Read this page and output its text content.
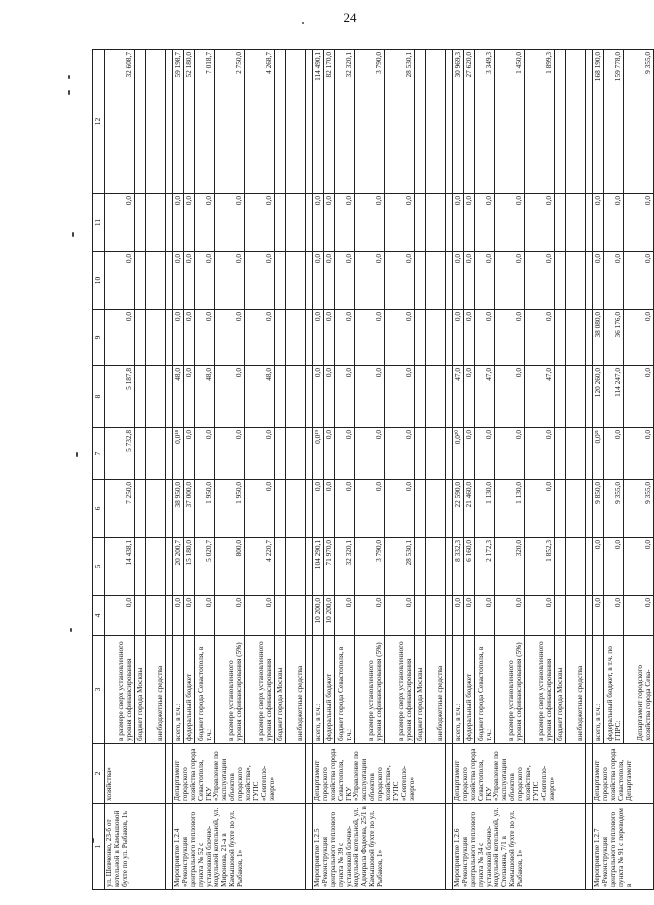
24
1	2	3	4	5	6	7	8	9	10	11	12
ул. Шевченко, 23-б от котельной в Камышовой бухте по ул. Рыбаков, 1ъ	хозяйства»	в размере сверх установленного уровня софинансирования	0,0	14 438,1	7 250,0	5 732,8	5 187,8	0,0	0,0	0,0	32 608,7
		бюджет города Москвы									
		внебюджетные средства									

Мероприятие 1.2.4 «Реконструкция центрального теплового пункта № 52 с установкой блочно-модульной котельной, ул. Миронова, 21-а в Камышовой бухте по ул. Рыбаков, 1»	Департамент городского хозяйства города Севастополя, ГКУ «Управление по эксплуатации объектов городского хозяйства», ГУПС «Севтепло-энерго»	всего, в т.ч.:	0,0	20 200,7	38 950,0	0,0¹⁸	48,0	0,0	0,0	0,0	59 198,7
		федеральный бюджет	0,0	15 180,0	37 000,0	0,0	0,0	0,0	0,0	0,0	52 180,0
		бюджет города Севастополя, в т.ч.:	0,0	5 020,7	1 950,0	0,0	48,0	0,0	0,0	0,0	7 018,7
		в размере установленного уровня софинансирования (5%)	0,0	800,0	1 950,0	0,0	0,0	0,0	0,0	0,0	2 750,0
		в размере сверх установленного уровня софинансирования	0,0	4 220,7	0,0	0,0	48,0	0,0	0,0	0,0	4 268,7
		бюджет города Москвы									
		внебюджетные средства									

Мероприятие 1.2.5 «Реконструкция центрального теплового пункта № 39 с установкой блочно-модульной котельной, ул. Адмирала Фадеева, 25/1 в Камышовой бухте по ул. Рыбаков, 1»	Департамент городского хозяйства города Севастополя, ГКУ «Управление по эксплуатации объектов городского хозяйства», ГУПС «Севтепло-энерго»	всего, в т.ч.:	10 200,0	104 290,1	0,0	0,0¹⁹	0,0	0,0	0,0	0,0	114 490,1
		федеральный бюджет	10 200,0	71 970,0	0,0	0,0	0,0	0,0	0,0	0,0	82 170,0
		бюджет города Севастополя, в т.ч.:	0,0	32 320,1	0,0	0,0	0,0	0,0	0,0	0,0	32 320,1
		в размере установленного уровня софинансирования (5%)	0,0	3 790,0	0,0	0,0	0,0	0,0	0,0	0,0	3 790,0
		в размере сверх установленного уровня софинансирования	0,0	28 530,1	0,0	0,0	0,0	0,0	0,0	0,0	28 530,1
		бюджет города Москвы									
		внебюджетные средства									

Мероприятие 1.2.6 «Реконструкция центрального теплового пункта № 34 с установкой блочно-модульной котельной, ул. Степаняна, 7/1 в Камышовой бухте по ул. Рыбаков, 1»	Департамент городского хозяйства города Севастополя, ГКУ «Управление по эксплуатации объектов городского хозяйства», ГУПС «Севтепло-энерго»	всего, в т.ч.:	0,0	8 332,3	22 590,0	0,0²⁰	47,0	0,0	0,0	0,0	30 969,3
		федеральный бюджет	0,0	6 160,0	21 460,0	0,0	0,0	0,0	0,0	0,0	27 620,0
		бюджет города Севастополя, в т.ч.:	0,0	2 172,3	1 130,0	0,0	47,0	0,0	0,0	0,0	3 349,3
		в размере установленного уровня софинансирования (5%)	0,0	320,0	1 130,0	0,0	0,0	0,0	0,0	0,0	1 450,0
		в размере сверх установленного уровня софинансирования	0,0	1 852,3	0,0	0,0	47,0	0,0	0,0	0,0	1 899,3
		бюджет города Москвы									
		внебюджетные средства									

Мероприятие 1.2.7 «Реконструкция центрального теплового пункта № 91 с переводом в	Департамент городского хозяйства города Севастополя, Департамент	всего, в т.ч.:	0,0	0,0	9 850,0	0,0²¹	120 260,0	38 080,0	0,0	0,0	168 190,0
		федеральный бюджет, в т.ч. по ГПРС:	0,0	0,0	9 355,0	0,0	114 247,0	36 176,0	0,0	0,0	159 778,0
		Департамент городского хозяйства города Сева-	0,0	0,0	9 355,0	0,0	0,0	0,0	0,0	0,0	9 355,0
